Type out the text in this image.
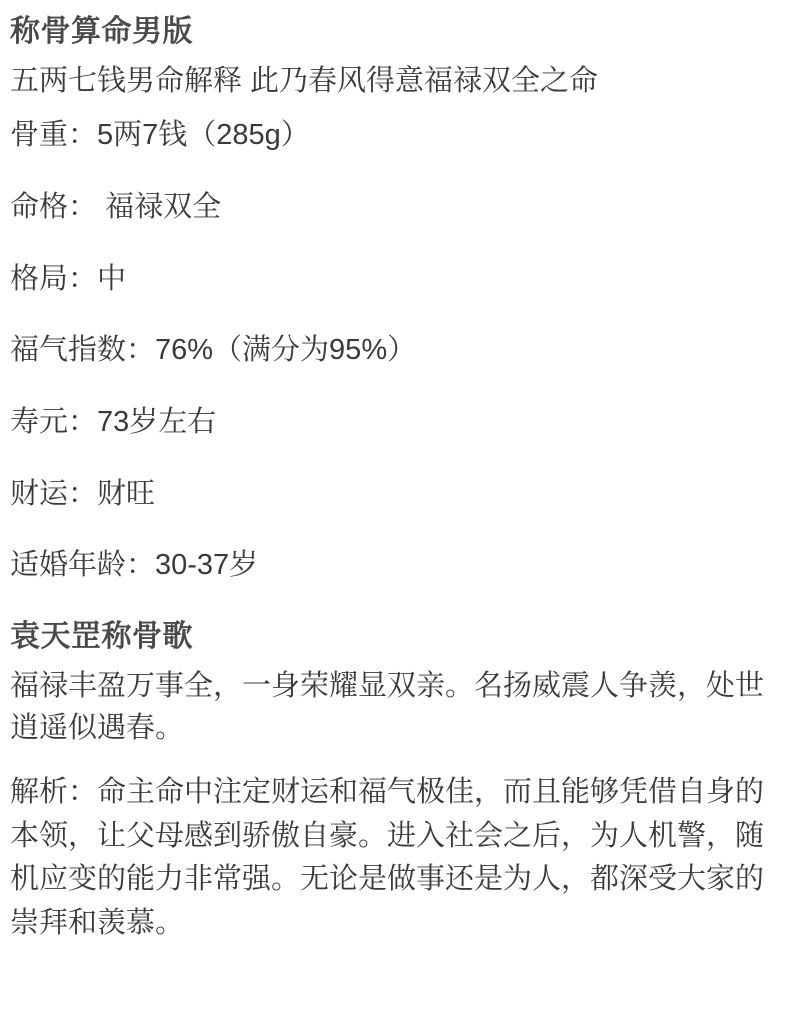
称骨算命男版

五两七钱男命解释 此乃春风得意福禄双全之命

骨重：5两7钱（285g）

命格： 福禄双全

格局：中

福气指数：76%（满分为95%）

寿元：73岁左右

财运：财旺

适婚年龄：30-37岁

袁天罡称骨歌

福禄丰盈万事全，一身荣耀显双亲。名扬威震人争羡，处世逍遥似遇春。

解析：命主命中注定财运和福气极佳，而且能够凭借自身的本领，让父母感到骄傲自豪。进入社会之后，为人机警，随机应变的能力非常强。无论是做事还是为人，都深受大家的崇拜和羡慕。
